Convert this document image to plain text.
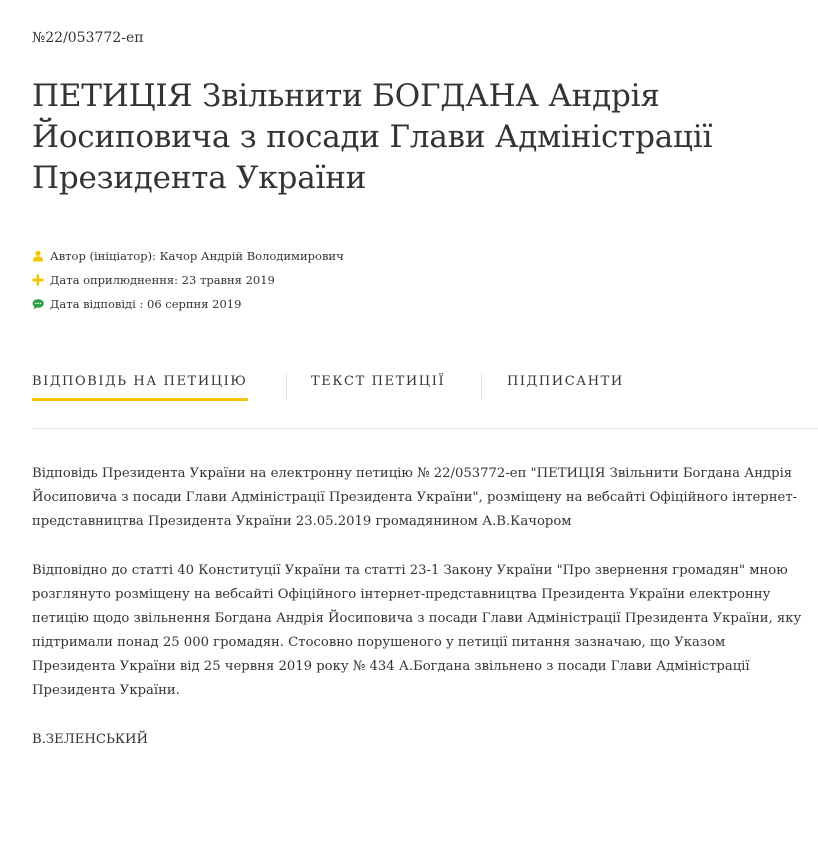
№22/053772-еп
ПЕТИЦІЯ Звільнити БОГДАНА Андрія Йосиповича з посади Глави Адміністрації Президента України
Автор (ініціатор): Качор Андрій Володимирович
Дата оприлюднення: 23 травня 2019
Дата відповіді : 06 серпня 2019
ВІДПОВІДЬ НА ПЕТИЦІЮ	ТЕКСТ ПЕТИЦІЇ	ПІДПИСАНТИ

Відповідь Президента України на електронну петицію № 22/053772-еп "ПЕТИЦІЯ Звільнити Богдана Андрія Йосиповича з посади Глави Адміністрації Президента України", розміщену на вебсайті Офіційного інтернет-представництва Президента України 23.05.2019 громадянином А.В.Качором

Відповідно до статті 40 Конституції України та статті 23-1 Закону України "Про звернення громадян" мною розглянуто розміщену на вебсайті Офіційного інтернет-представництва Президента України електронну петицію щодо звільнення Богдана Андрія Йосиповича з посади Глави Адміністрації Президента України, яку підтримали понад 25 000 громадян. Стосовно порушеного у петиції питання зазначаю, що Указом Президента України від 25 червня 2019 року № 434 А.Богдана звільнено з посади Глави Адміністрації Президента України.

В.ЗЕЛЕНСЬКИЙ
